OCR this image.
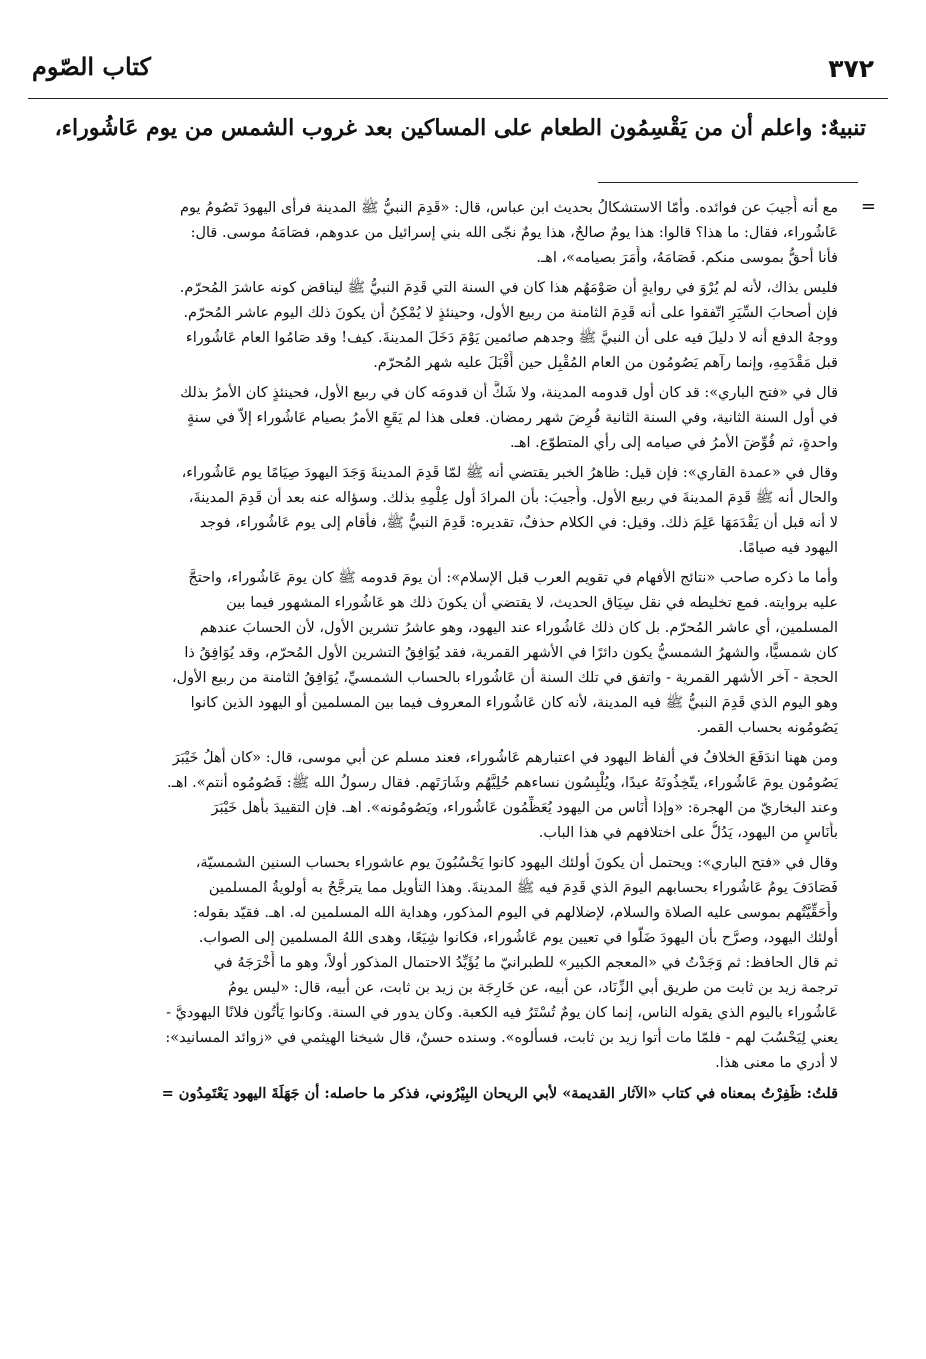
٣٧٢
كتاب الصّوم
تنبيهٌ: واعلم أن من يَقْسِمُون الطعام على المساكين بعد غروب الشمس من يوم عَاشُوراء،
=
مع أنه أُجيبَ عن فوائده. وأمّا الاستشكالُ بحديث ابن عباس، قال: «قَدِمَ النبيُّ ﷺ المدينة فرأى اليهودَ تَصُومُ يوم
عَاشُوراء، فقال: ما هذا؟ قالوا: هذا يومٌ صالحٌ، هذا يومٌ نجّى الله بني إسرائيل من عدوهم، فصَامَهُ موسى. قال:
فأنا أحقُّ بموسى منكم. فَصَامَهُ، وأَمَرَ بصيامه»، اهـ.
فليس بذاك، لأنه لم يُرْوَ في روايةٍ أن صَوْمَهُم هذا كان في السنة التي قَدِمَ النبيُّ ﷺ ليناقض كونه عاشرَ المُحرّم.
فإن أصحابَ السِّيَرِ اتّفقوا على أنه قَدِمَ الثامنة من ربيع الأول، وحينئذٍ لا يُمْكِنُ أن يكونَ ذلك اليوم عاشر المُحرّم.
ووجهُ الدفع أنه لا دليلَ فيه على أن النبيَّ ﷺ وجدهم صائمين يَوْمَ دَخَلَ المدينةَ. كيف! وقد صَامُوا العام عَاشُوراء
قبل مَقْدَمِهِ، وإنما رآهم يَصُومُون من العام المُقْبِل حين أَقْبَلَ عليه شهر المُحرّم.
قال في «فتح الباري»: قد كان أول قدومه المدينة، ولا شَكَّ أن قدومَه كان في ربيع الأول، فحينئذٍ كان الأمرُ بذلك
في أول السنة الثانية، وفي السنة الثانية فُرِضَ شهر رمضان. فعلى هذا لم يَقَعِ الأمرُ بصيام عَاشُوراء إلاّ في سنةٍ
واحدةٍ، ثم فُوِّضَ الأمرُ في صيامه إلى رأي المتطوّع. اهـ.
وقال في «عمدة القاري»: فإن قيل: ظاهرُ الخبر يقتضي أنه ﷺ لمّا قَدِمَ المدينةَ وَجَدَ اليهودَ صِيَامًا يوم عَاشُوراء،
والحال أنه ﷺ قَدِمَ المدينةَ في ربيع الأول. وأُجيبَ: بأن المرادَ أول عِلْمِهِ بذلك. وسؤاله عنه بعد أن قَدِمَ المدينةَ،
لا أنه قبل أن يَقْدَمَهَا عَلِمَ ذلك. وقيل: في الكلام حذفٌ، تقديره: قَدِمَ النبيُّ ﷺ، فأقام إلى يوم عَاشُوراء، فوجد
اليهود فيه صيامًا.
وأما ما ذكره صاحب «نتائج الأفهام في تقويم العرب قبل الإسلام»: أن يومَ قدومه ﷺ كان يومَ عَاشُوراء، واحتجَّ
عليه بروايته. فمع تخليطه في نقل سِيَاق الحديث، لا يقتضي أن يكونَ ذلك هو عَاشُوراء المشهور فيما بين
المسلمين، أي عاشر المُحرّم. بل كان ذلك عَاشُوراء عند اليهود، وهو عاشرُ تشرين الأول، لأن الحسابَ عندهم
كان شمسيًّا، والشهرُ الشمسيُّ يكون دائرًا في الأشهر القمرية، فقد يُوَافِقُ التشرين الأول المُحرّم، وقد يُوَافِقُ ذا
الحجة - آخر الأشهر القمرية - واتفق في تلك السنة أن عَاشُوراء بالحساب الشمسيِّ، يُوَافِقُ الثامنة من ربيع الأول،
وهو اليوم الذي قَدِمَ النبيُّ ﷺ فيه المدينة، لأنه كان عَاشُوراء المعروف فيما بين المسلمين أو اليهود الذين كانوا
يَصُومُونه بحساب القمر.
ومن ههنا اندَفَعَ الخلافُ في ألفاظ اليهود في اعتبارهم عَاشُوراء، فعند مسلم عن أبي موسى، قال: «كان أهلُ خَيْبَرَ
يَصُومُون يومَ عَاشُوراء، يتّخِذُونَهُ عيدًا، ويُلْبِسُون نساءهم حُلِيَّهُم وشَارَتَهم. فقال رسولُ الله ﷺ: فَصُومُوه أنتم». اهـ.
وعند البخاريّ من الهجرة: «وإذا أُنَاس من اليهود يُعَظِّمُون عَاشُوراء، ويَصُومُونه». اهـ. فإن التقييدَ بأهل خَيْبَرَ
بأُنَاسٍ من اليهود، يَدُلُّ على اختلافهم في هذا الباب.
وقال في «فتح الباري»: ويحتمل أن يكونَ أولئك اليهود كانوا يَحْسُبُونَ يوم عاشوراء بحساب السنين الشمسيّة،
فَصَادَفَ يومُ عَاشُوراء بحسابهم اليومَ الذي قَدِمَ فيه ﷺ المدينةَ. وهذا التأويل مما يترجَّحُ به أولويةُ المسلمين
وأَحَقِّيَّتُهم بموسى عليه الصلاة والسلام، لإضلالهم في اليوم المذكور، وهداية الله المسلمين له. اهـ. فقيّد بقوله:
أولئك اليهود، وصرَّح بأن اليهودَ ضَلُّوا في تعيين يوم عَاشُوراء، فكانوا شِيَعًا، وهدى اللهُ المسلمين إلى الصواب.
ثم قال الحافظ: ثم وَجَدْتُ في «المعجم الكبير» للطبرانيّ ما يُؤَيِّدُ الاحتمال المذكور أولاً، وهو ما أَخْرَجَهُ في
ترجمة زيد بن ثابت من طريق أبي الزِّنَاد، عن أبيه، عن خَارِجَة بن زيد بن ثابت، عن أبيه، قال: «ليس يومُ
عَاشُوراء باليوم الذي يقوله الناس، إنما كان يومٌ تُسْتَرُ فيه الكعبة. وكان يدور في السنة. وكانوا يَأْتُون فلانًا اليهوديَّ -
يعني لِيَحْسُبَ لهم - فلمّا مات أتوا زيد بن ثابت، فسألوه». وسنده حسنٌ، قال شيخنا الهيثمي في «زوائد المسانيد»:
لا أدري ما معنى هذا.
قلتُ: ظَفِرْتُ بمعناه في كتاب «الآثار القديمة» لأبي الريحان البِيْرُوني، فذكر ما حاصله: أن جَهَلَةَ اليهود يَعْتَمِدُون =
